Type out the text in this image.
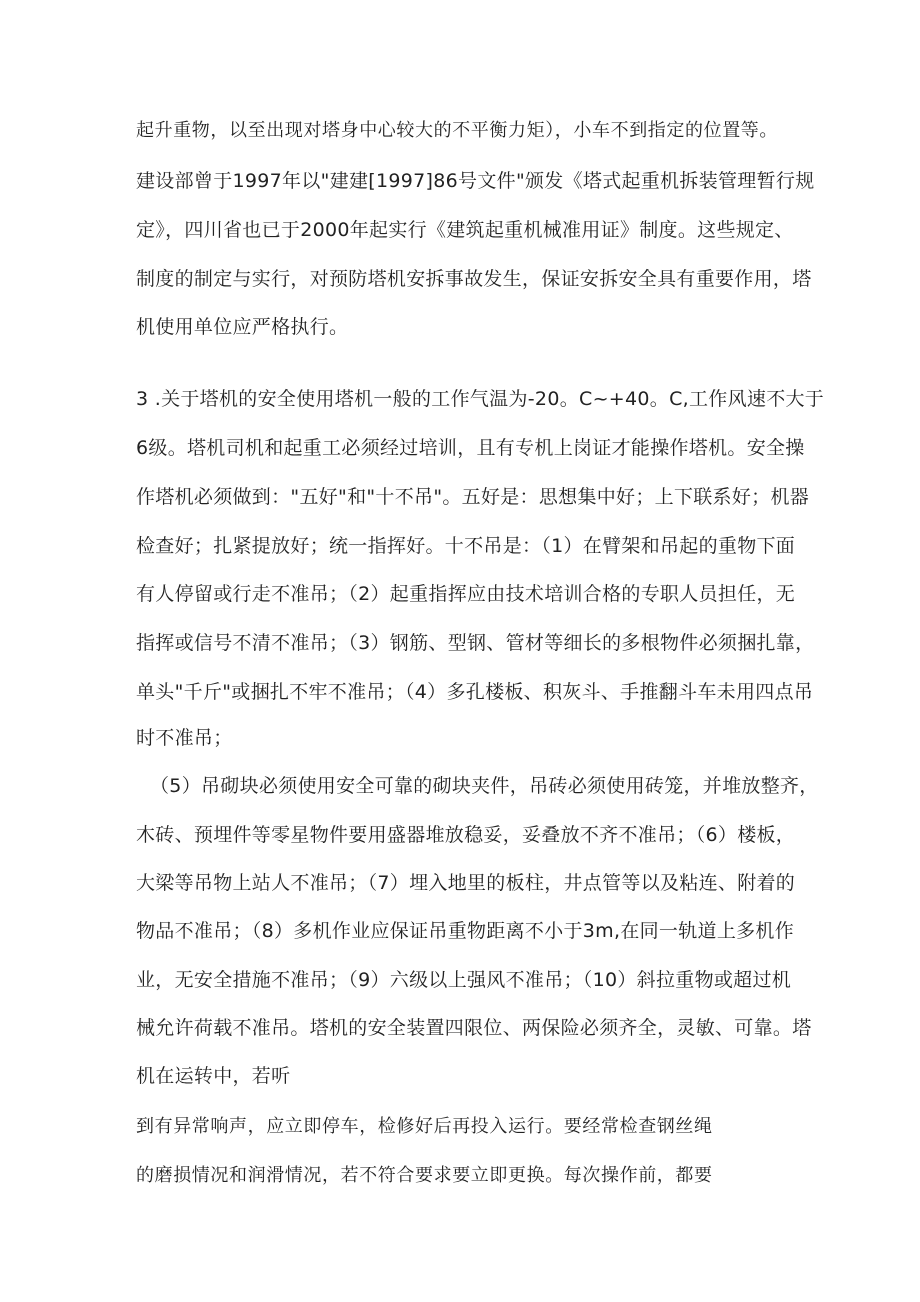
起升重物，以至出现对塔身中心较大的不平衡力矩），小车不到指定的位置等。
建设部曾于1997年以"建建[1997]86号文件"颁发《塔式起重机拆装管理暂行规
定》，四川省也已于2000年起实行《建筑起重机械准用证》制度。这些规定、
制度的制定与实行，对预防塔机安拆事故发生，保证安拆安全具有重要作用，塔
机使用单位应严格执行。
3 .关于塔机的安全使用塔机一般的工作气温为-20。C~+40。C,工作风速不大于
6级。塔机司机和起重工必须经过培训，且有专机上岗证才能操作塔机。安全操
作塔机必须做到："五好"和"十不吊"。五好是：思想集中好；上下联系好；机器
检查好；扎紧提放好；统一指挥好。十不吊是：（1）在臂架和吊起的重物下面
有人停留或行走不准吊；（2）起重指挥应由技术培训合格的专职人员担任，无
指挥或信号不清不准吊；（3）钢筋、型钢、管材等细长的多根物件必须捆扎靠，
单头"千斤"或捆扎不牢不准吊；（4）多孔楼板、积灰斗、手推翻斗车未用四点吊
时不准吊；
（5）吊砌块必须使用安全可靠的砌块夹件，吊砖必须使用砖笼，并堆放整齐，
木砖、预埋件等零星物件要用盛器堆放稳妥，妥叠放不齐不准吊；（6）楼板，
大梁等吊物上站人不准吊；（7）埋入地里的板柱，井点管等以及粘连、附着的
物品不准吊；（8）多机作业应保证吊重物距离不小于3m,在同一轨道上多机作
业，无安全措施不准吊；（9）六级以上强风不准吊；（10）斜拉重物或超过机
械允许荷载不准吊。塔机的安全装置四限位、两保险必须齐全，灵敏、可靠。塔
机在运转中，若听
到有异常响声，应立即停车，检修好后再投入运行。要经常检查钢丝绳
的磨损情况和润滑情况，若不符合要求要立即更换。每次操作前，都要
